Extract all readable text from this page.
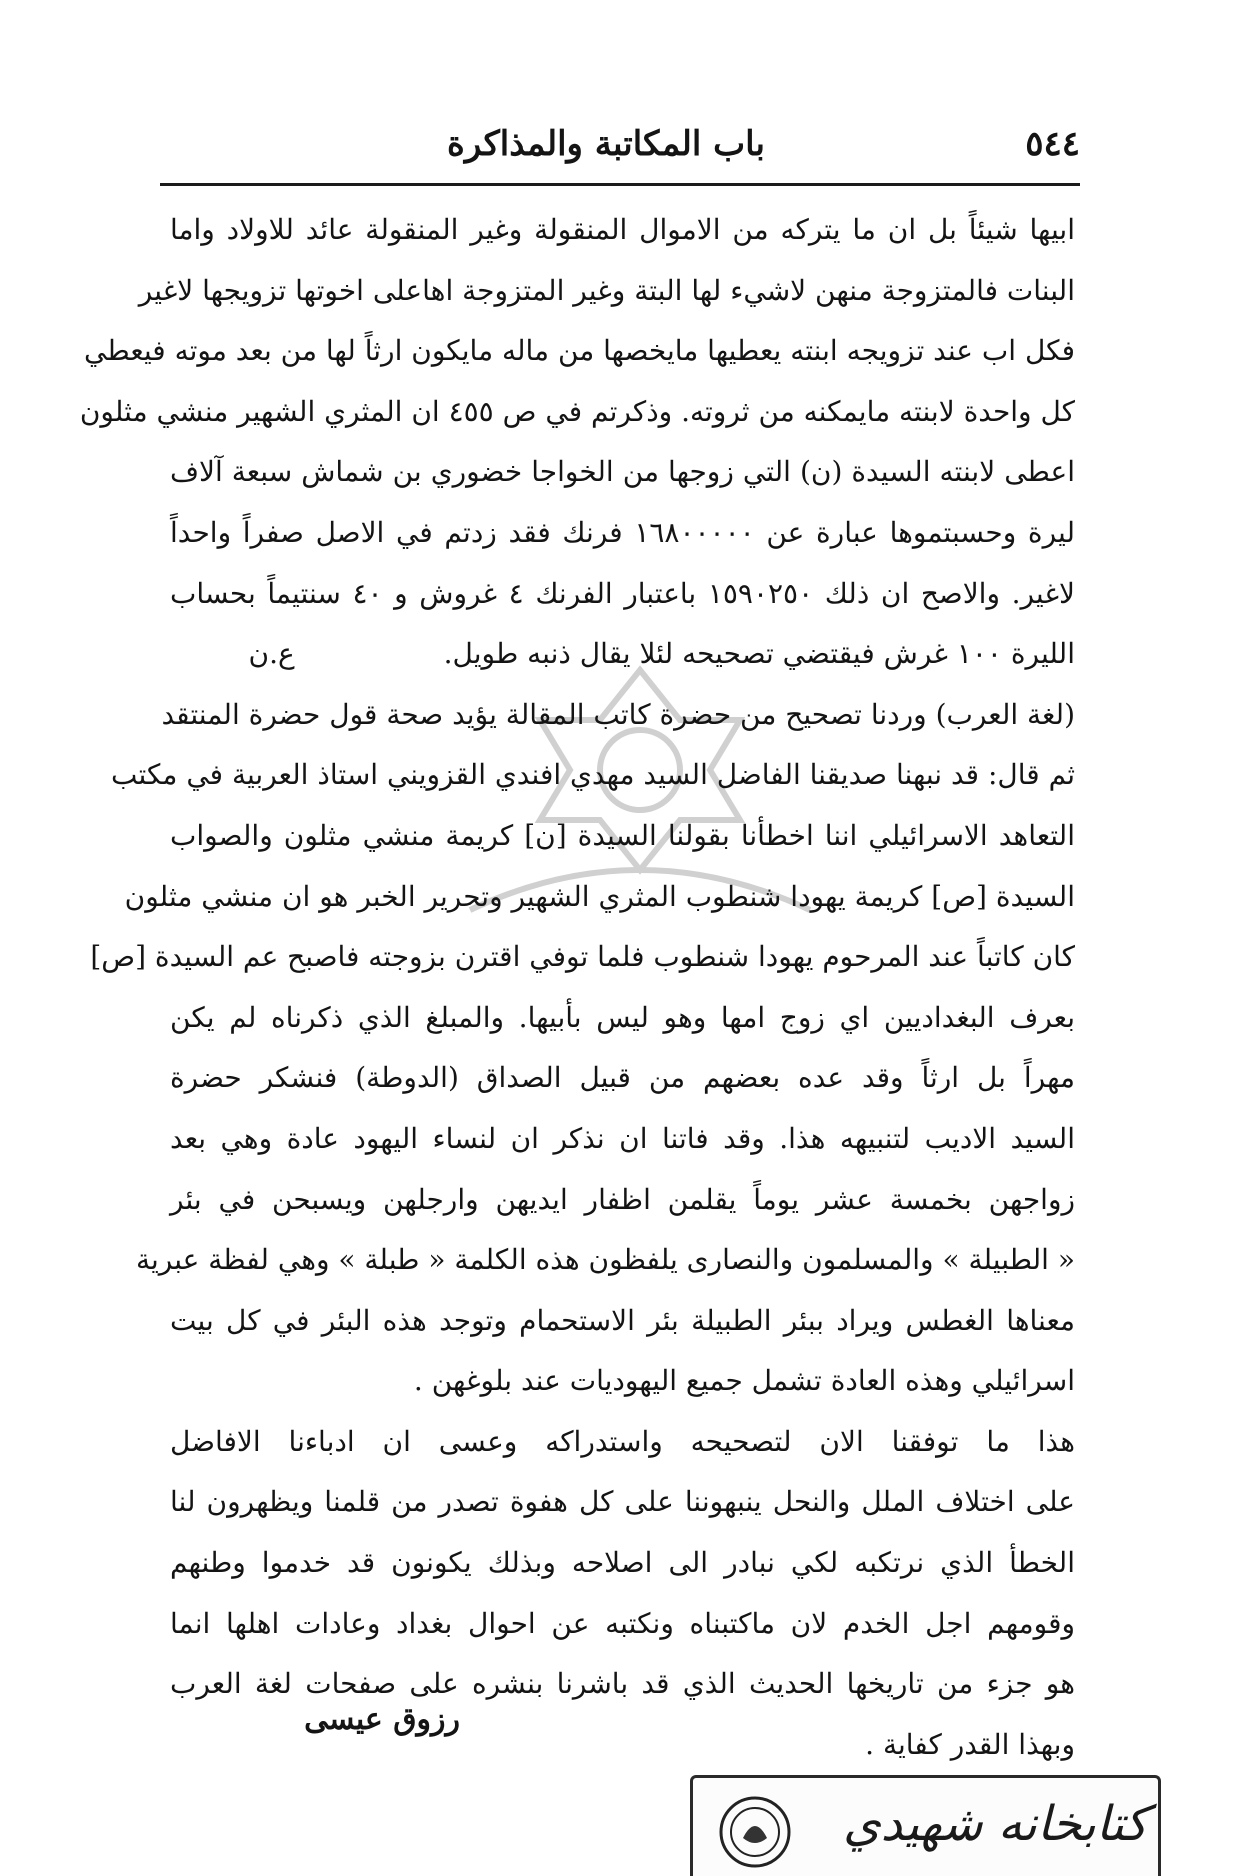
٥٤٤
باب المكاتبة والمذاكرة
ابيها شيئاً بل ان ما يتركه من الاموال المنقولة وغير المنقولة عائد للاولاد واما
البنات فالمتزوجة منهن لاشيء لها البتة وغير المتزوجة اهاعلى اخوتها تزويجها لاغير
فكل اب عند تزويجه ابنته يعطيها مايخصها من ماله مايكون ارثاً لها من بعد موته فيعطي
كل واحدة لابنته مايمكنه من ثروته. وذكرتم في ص ٤٥٥ ان المثري الشهير منشي مثلون
اعطى لابنته السيدة (ن) التي زوجها من الخواجا خضوري بن شماش سبعة آلاف
ليرة وحسبتموها عبارة عن ١٦٨٠٠٠٠٠ فرنك فقد زدتم في الاصل صفراً واحداً
لاغير. والاصح ان ذلك ١٥٩٠٢٥٠ باعتبار الفرنك ٤ غروش و ٤٠ سنتيماً بحساب
الليرة ١٠٠ غرش فيقتضي تصحيحه لئلا يقال ذنبه طويل. ع.ن
(لغة العرب) وردنا تصحيح من حضرة كاتب المقالة يؤيد صحة قول حضرة المنتقد
ثم قال: قد نبهنا صديقنا الفاضل السيد مهدي افندي القزويني استاذ العربية في مكتب
التعاهد الاسرائيلي اننا اخطأنا بقولنا السيدة [ن] كريمة منشي مثلون والصواب
السيدة [ص] كريمة يهودا شنطوب المثري الشهير وتحرير الخبر هو ان منشي مثلون
كان كاتباً عند المرحوم يهودا شنطوب فلما توفي اقترن بزوجته فاصبح عم السيدة [ص]
بعرف البغداديين اي زوج امها وهو ليس بأبيها. والمبلغ الذي ذكرناه لم يكن
مهراً بل ارثاً وقد عده بعضهم من قبيل الصداق (الدوطة) فنشكر حضرة
السيد الاديب لتنبيهه هذا. وقد فاتنا ان نذكر ان لنساء اليهود عادة وهي بعد
زواجهن بخمسة عشر يوماً يقلمن اظفار ايديهن وارجلهن ويسبحن في بئر
« الطبيلة » والمسلمون والنصارى يلفظون هذه الكلمة « طبلة » وهي لفظة عبرية
معناها الغطس ويراد ببئر الطبيلة بئر الاستحمام وتوجد هذه البئر في كل بيت
اسرائيلي وهذه العادة تشمل جميع اليهوديات عند بلوغهن .
هذا ما توفقنا الان لتصحيحه واستدراكه وعسى ان ادباءنا الافاضل
على اختلاف الملل والنحل ينبهوننا على كل هفوة تصدر من قلمنا ويظهرون لنا
الخطأ الذي نرتكبه لكي نبادر الى اصلاحه وبذلك يكونون قد خدموا وطنهم
وقومهم اجل الخدم لان ماكتبناه ونكتبه عن احوال بغداد وعادات اهلها انما
هو جزء من تاريخها الحديث الذي قد باشرنا بنشره على صفحات لغة العرب
وبهذا القدر كفاية .
رزوق عيسى
كتابخانه شهيدي
